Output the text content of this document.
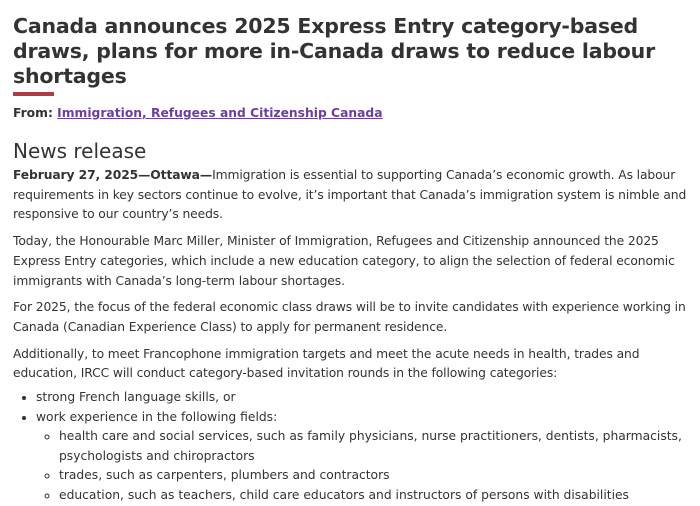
Canada announces 2025 Express Entry category-based draws, plans for more in-Canada draws to reduce labour shortages
From: Immigration, Refugees and Citizenship Canada
News release

February 27, 2025—Ottawa—Immigration is essential to supporting Canada’s economic growth. As labour requirements in key sectors continue to evolve, it’s important that Canada’s immigration system is nimble and responsive to our country’s needs.

Today, the Honourable Marc Miller, Minister of Immigration, Refugees and Citizenship announced the 2025 Express Entry categories, which include a new education category, to align the selection of federal economic immigrants with Canada’s long-term labour shortages.

For 2025, the focus of the federal economic class draws will be to invite candidates with experience working in Canada (Canadian Experience Class) to apply for permanent residence.

Additionally, to meet Francophone immigration targets and meet the acute needs in health, trades and education, IRCC will conduct category-based invitation rounds in the following categories:

• strong French language skills, or
• work experience in the following fields:
◦ health care and social services, such as family physicians, nurse practitioners, dentists, pharmacists, psychologists and chiropractors
◦ trades, such as carpenters, plumbers and contractors
◦ education, such as teachers, child care educators and instructors of persons with disabilities
